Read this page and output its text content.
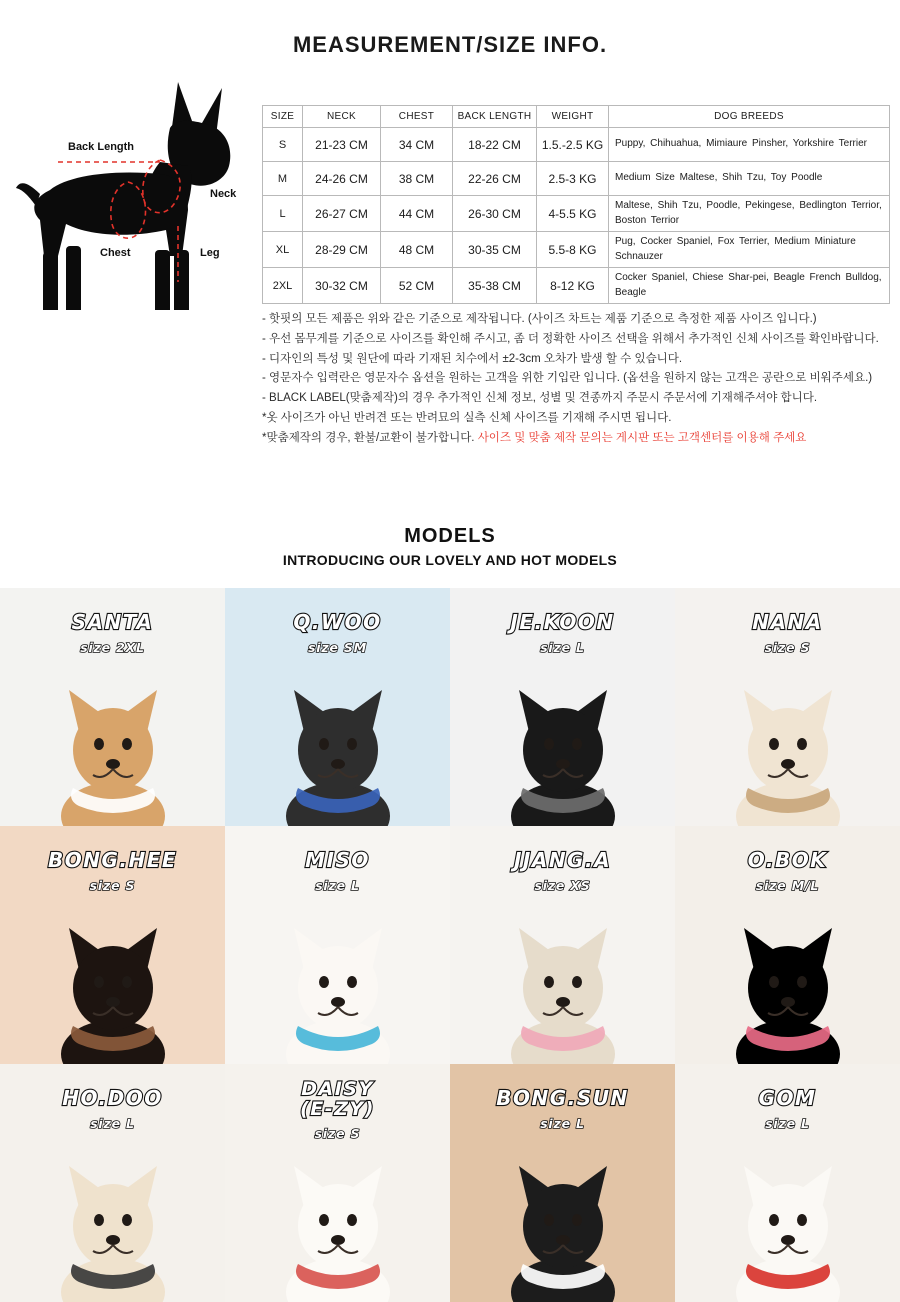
MEASUREMENT/SIZE INFO.
Back Length
Neck
Chest	Leg
SIZE	NECK	CHEST	BACK LENGTH	WEIGHT	DOG BREEDS
S	21-23 CM	34 CM	18-22 CM	1.5.-2.5 KG	Puppy, Chihuahua, Mimiaure Pinsher, Yorkshire Terrier
M	24-26 CM	38 CM	22-26 CM	2.5-3 KG	Medium Size Maltese, Shih Tzu, Toy Poodle
L	26-27 CM	44 CM	26-30 CM	4-5.5 KG	Maltese, Shih Tzu, Poodle, Pekingese, Bedlington Terrior, Boston Terrior
XL	28-29 CM	48 CM	30-35 CM	5.5-8 KG	Pug, Cocker Spaniel, Fox Terrier, Medium Miniature Schnauzer
2XL	30-32 CM	52 CM	35-38 CM	8-12 KG	Cocker Spaniel, Chiese Shar-pei, Beagle French Bulldog, Beagle
- 핫핏의 모든 제품은 위와 같은 기준으로 제작됩니다. (사이즈 차트는 제품 기준으로 측정한 제품 사이즈 입니다.)
- 우선 몸무게를 기준으로 사이즈를 확인해 주시고, 좀 더 정확한 사이즈 선택을 위해서 추가적인 신체 사이즈를 확인바랍니다.
- 디자인의 특성 및 원단에 따라 기재된 치수에서 ±2-3cm 오차가 발생 할 수 있습니다.
- 영문자수 입력란은 영문자수 옵션을 원하는 고객을 위한 기입란 입니다. (옵션을 원하지 않는 고객은 공란으로 비워주세요.)
- BLACK LABEL(맞춤제작)의 경우 추가적인 신체 정보, 성별 및 견종까지 주문시 주문서에 기재해주셔야 합니다.
*옷 사이즈가 아닌 반려견 또는 반려묘의 실측 신체 사이즈를 기재해 주시면 됩니다.
*맞춤제작의 경우, 환불/교환이 불가합니다. 사이즈 및 맞춤 제작 문의는 게시판 또는 고객센터를 이용해 주세요
MODELS
INTRODUCING OUR LOVELY AND HOT MODELS
SANTA
size 2XL
Q.WOO
size SM
JE.KOON
size L
NANA
size S
BONG.HEE
size S
MISO
size L
JJANG.A
size XS
O.BOK
size M/L
HO.DOO
size L
DAISY
(E-ZY)
size S
BONG.SUN
size L
GOM
size L
